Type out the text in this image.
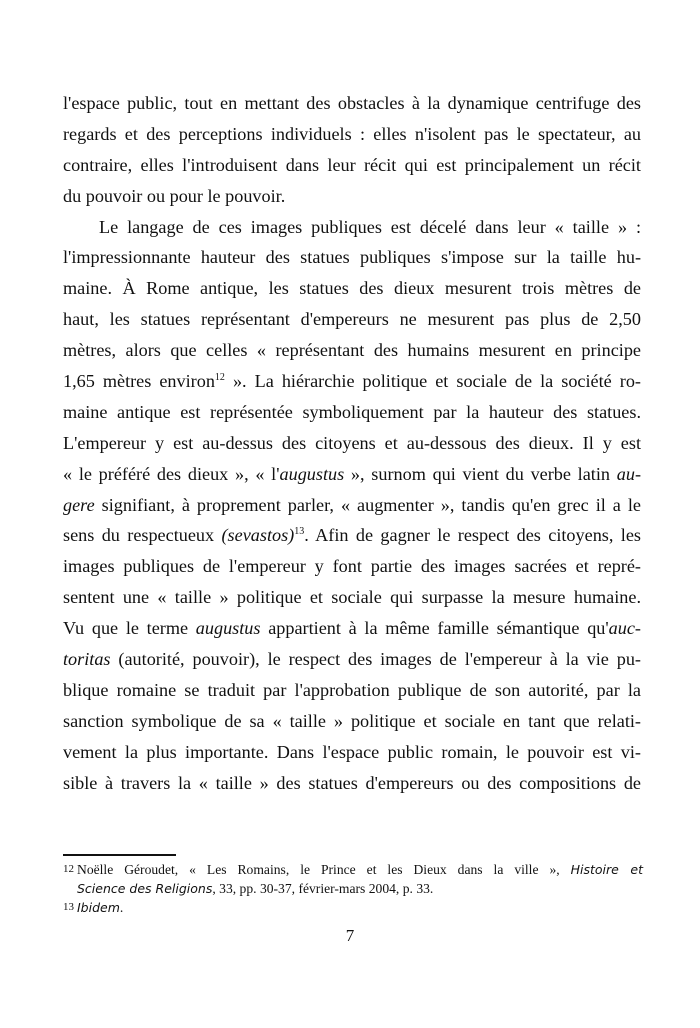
l'espace public, tout en mettant des obstacles à la dynamique centrifuge des
regards et des perceptions individuels : elles n'isolent pas le spectateur, au
contraire, elles l'introduisent dans leur récit qui est principalement un récit
du pouvoir ou pour le pouvoir.
Le langage de ces images publiques est décelé dans leur « taille » :
l'impressionnante hauteur des statues publiques s'impose sur la taille hu-
maine. À Rome antique, les statues des dieux mesurent trois mètres de
haut, les statues représentant d'empereurs ne mesurent pas plus de 2,50
mètres, alors que celles « représentant des humains mesurent en principe
1,65 mètres environ$^{12}$ ». La hiérarchie politique et sociale de la société ro-
maine antique est représentée symboliquement par la hauteur des statues.
L'empereur y est au-dessus des citoyens et au-dessous des dieux. Il y est
« le préféré des dieux », « l'augustus », surnom qui vient du verbe latin au-
gere signifiant, à proprement parler, « augmenter », tandis qu'en grec il a le
sens du respectueux (sevastos)$^{13}$. Afin de gagner le respect des citoyens, les
images publiques de l'empereur y font partie des images sacrées et repré-
sentent une « taille » politique et sociale qui surpasse la mesure humaine.
Vu que le terme augustus appartient à la même famille sémantique qu'auc-
toritas (autorité, pouvoir), le respect des images de l'empereur à la vie pu-
blique romaine se traduit par l'approbation publique de son autorité, par la
sanction symbolique de sa « taille » politique et sociale en tant que relati-
vement la plus importante. Dans l'espace public romain, le pouvoir est vi-
sible à travers la « taille » des statues d'empereurs ou des compositions de
12 Noëlle Géroudet, « Les Romains, le Prince et les Dieux dans la ville », Histoire et
Science des Religions, 33, pp. 30-37, février-mars 2004, p. 33.
13 Ibidem.
7
